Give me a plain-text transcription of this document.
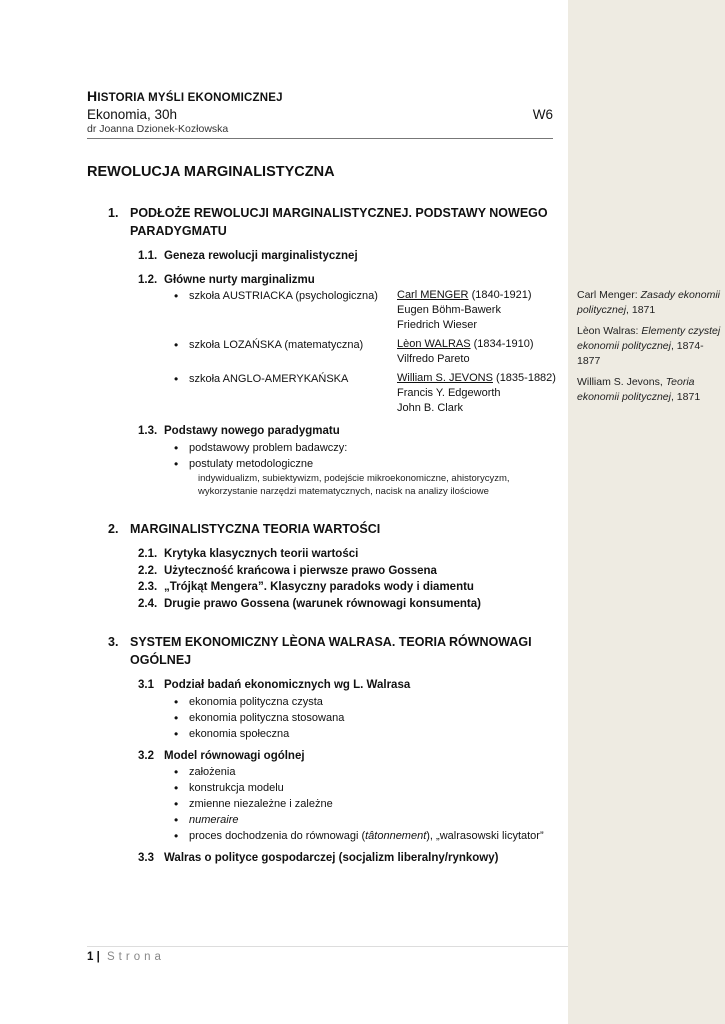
Carl Menger: Zasady ekonomii politycznej, 1871
Lèon Walras: Elementy czystej ekonomii politycznej, 1874-1877
William S. Jevons, Teoria ekonomii politycznej, 1871
HISTORIA MYŚLI EKONOMICZNEJ
Ekonomia, 30h	W6
dr Joanna Dzionek-Kozłowska
REWOLUCJA MARGINALISTYCZNA
1. PODŁOŻE REWOLUCJI MARGINALISTYCZNEJ. PODSTAWY NOWEGO PARADYGMATU
1.1. Geneza rewolucji marginalistycznej
1.2. Główne nurty marginalizmu
• szkoła AUSTRIACKA (psychologiczna)	Carl MENGER (1840-1921)
Eugen Böhm-Bawerk
Friedrich Wieser
• szkoła LOZAŃSKA (matematyczna)	Lèon WALRAS (1834-1910)
Vilfredo Pareto
• szkoła ANGLO-AMERYKAŃSKA	William S. JEVONS (1835-1882)
Francis Y. Edgeworth
John B. Clark
1.3. Podstawy nowego paradygmatu
• podstawowy problem badawczy:
• postulaty metodologiczne
indywidualizm, subiektywizm, podejście mikroekonomiczne, ahistorycyzm,
wykorzystanie narzędzi matematycznych, nacisk na analizy ilościowe
2. MARGINALISTYCZNA TEORIA WARTOŚCI
2.1. Krytyka klasycznych teorii wartości
2.2. Użyteczność krańcowa i pierwsze prawo Gossena
2.3. „Trójkąt Mengera”. Klasyczny paradoks wody i diamentu
2.4. Drugie prawo Gossena (warunek równowagi konsumenta)
3. SYSTEM EKONOMICZNY LÈONA WALRASA. TEORIA RÓWNOWAGI OGÓLNEJ
3.1 Podział badań ekonomicznych wg L. Walrasa
• ekonomia polityczna czysta
• ekonomia polityczna stosowana
• ekonomia społeczna
3.2 Model równowagi ogólnej
• założenia
• konstrukcja modelu
• zmienne niezależne i zależne
• numeraire
• proces dochodzenia do równowagi (tâtonnement), „walrasowski licytator”
3.3 Walras o polityce gospodarczej (socjalizm liberalny/rynkowy)
1 | Strona
